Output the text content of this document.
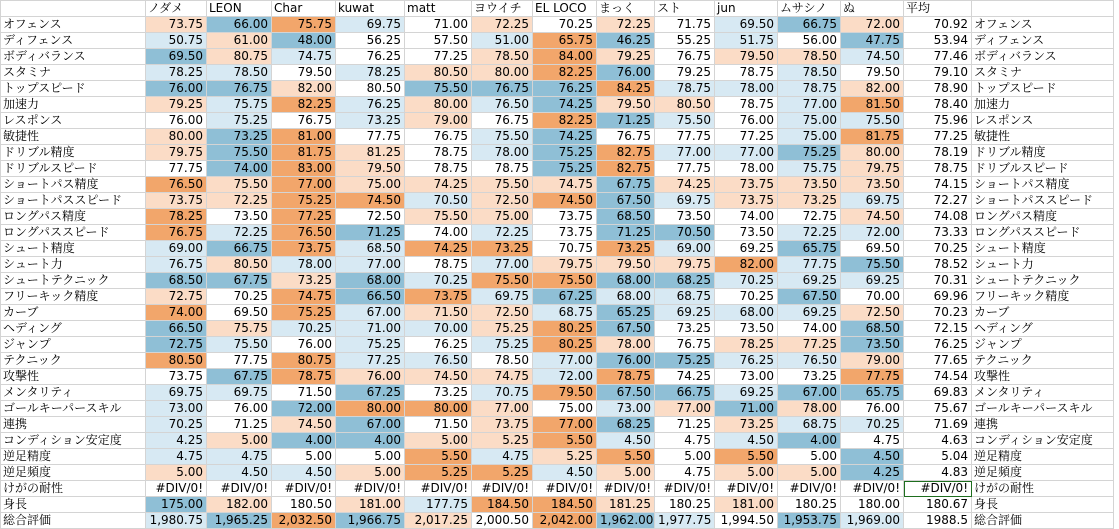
	ノダメ	LEON	Char	kuwat	matt	ヨウイチ	EL LOCO	まっく	スト	jun	ムサシノ	ぬ	平均	
オフェンス	73.75	66.00	75.75	69.75	71.00	72.25	70.25	72.25	71.75	69.50	66.75	72.00	70.92	オフェンス
ディフェンス	50.75	61.00	48.00	56.25	57.50	51.00	65.75	46.25	55.25	51.75	56.00	47.75	53.94	ディフェンス
ボディバランス	69.50	80.75	74.75	76.25	77.25	78.50	84.00	79.25	76.75	79.50	78.50	74.50	77.46	ボディバランス
スタミナ	78.25	78.50	79.50	78.25	80.50	80.00	82.25	76.00	79.25	78.75	78.50	79.50	79.10	スタミナ
トップスピード	76.00	76.75	82.00	80.50	75.50	76.75	76.25	84.25	78.75	78.00	78.75	82.00	78.90	トップスピード
加速力	79.25	75.75	82.25	76.25	80.00	76.50	74.25	79.50	80.50	78.75	77.00	81.50	78.40	加速力
レスポンス	76.00	75.25	76.75	73.25	79.00	76.75	82.25	71.25	75.50	76.00	75.00	75.50	75.96	レスポンス
敏捷性	80.00	73.25	81.00	77.75	76.75	75.50	74.25	76.75	77.75	77.25	75.00	81.75	77.25	敏捷性
ドリブル精度	79.75	75.50	81.75	81.25	78.75	78.00	75.25	82.75	77.00	77.00	75.25	80.00	78.19	ドリブル精度
ドリブルスピード	77.75	74.00	83.00	79.50	78.75	78.75	75.25	82.75	77.75	78.00	75.75	79.75	78.75	ドリブルスピード
ショートパス精度	76.50	75.50	77.00	75.00	74.25	75.50	74.75	67.75	74.25	73.75	73.50	73.50	74.15	ショートパス精度
ショートパススピード	73.75	72.25	75.25	74.50	70.50	72.50	74.50	67.50	69.75	73.75	73.25	69.75	72.27	ショートパススピード
ロングパス精度	78.25	73.50	77.25	72.50	75.50	75.00	73.75	68.50	73.50	74.00	72.75	74.50	74.08	ロングパス精度
ロングパススピード	76.75	72.25	76.50	71.25	74.00	72.25	73.75	71.25	70.50	73.50	72.25	72.00	73.33	ロングパススピード
シュート精度	69.00	66.75	73.75	68.50	74.25	73.25	70.75	73.25	69.00	69.25	65.75	69.50	70.25	シュート精度
シュート力	76.75	80.50	78.00	77.00	78.75	77.00	79.75	79.50	79.75	82.00	77.75	75.50	78.52	シュート力
シュートテクニック	68.50	67.75	73.25	68.00	70.25	75.50	75.50	68.00	68.25	70.25	69.25	69.25	70.31	シュートテクニック
フリーキック精度	72.75	70.25	74.75	66.50	73.75	69.75	67.25	68.00	68.75	70.25	67.50	70.00	69.96	フリーキック精度
カーブ	74.00	69.50	75.25	67.00	71.50	72.50	68.75	65.25	69.25	68.00	69.25	72.50	70.23	カーブ
ヘディング	66.50	75.75	70.25	71.00	70.00	75.25	80.25	67.50	73.25	73.50	74.00	68.50	72.15	ヘディング
ジャンプ	72.75	75.50	76.00	75.25	76.25	75.25	80.25	78.00	76.75	78.25	77.25	73.50	76.25	ジャンプ
テクニック	80.50	77.75	80.75	77.25	76.50	78.50	77.00	76.00	75.25	76.25	76.50	79.00	77.65	テクニック
攻撃性	73.75	67.75	78.75	76.00	74.50	74.75	72.00	78.75	74.25	73.00	73.25	77.75	74.54	攻撃性
メンタリティ	69.75	69.75	71.50	67.25	73.25	70.75	79.50	67.50	66.75	69.25	67.00	65.75	69.83	メンタリティ
ゴールキーパースキル	73.00	76.00	72.00	80.00	80.00	77.00	75.00	73.00	77.00	71.00	78.00	76.00	75.67	ゴールキーパースキル
連携	70.25	71.25	74.50	67.00	71.50	73.75	77.00	68.25	71.25	73.25	68.75	70.25	71.69	連携
コンディション安定度	4.25	5.00	4.00	4.00	5.00	5.25	5.50	4.50	4.75	4.50	4.00	4.75	4.63	コンディション安定度
逆足精度	4.75	4.75	5.00	5.00	5.50	4.75	5.25	5.50	5.00	5.50	5.00	4.50	5.04	逆足精度
逆足頻度	5.00	4.50	4.50	5.00	5.25	5.25	4.50	5.00	4.75	5.00	5.00	4.25	4.83	逆足頻度
けがの耐性	#DIV/0!	#DIV/0!	#DIV/0!	#DIV/0!	#DIV/0!	#DIV/0!	#DIV/0!	#DIV/0!	#DIV/0!	#DIV/0!	#DIV/0!	#DIV/0!	#DIV/0!	けがの耐性
身長	175.00	182.00	180.50	181.00	177.75	184.50	184.50	181.25	180.25	181.00	180.25	180.00	180.67	身長
総合評価	1,980.75	1,965.25	2,032.50	1,966.75	2,017.25	2,000.50	2,042.00	1,962.00	1,977.75	1,994.50	1,953.75	1,969.00	1988.5	総合評価
